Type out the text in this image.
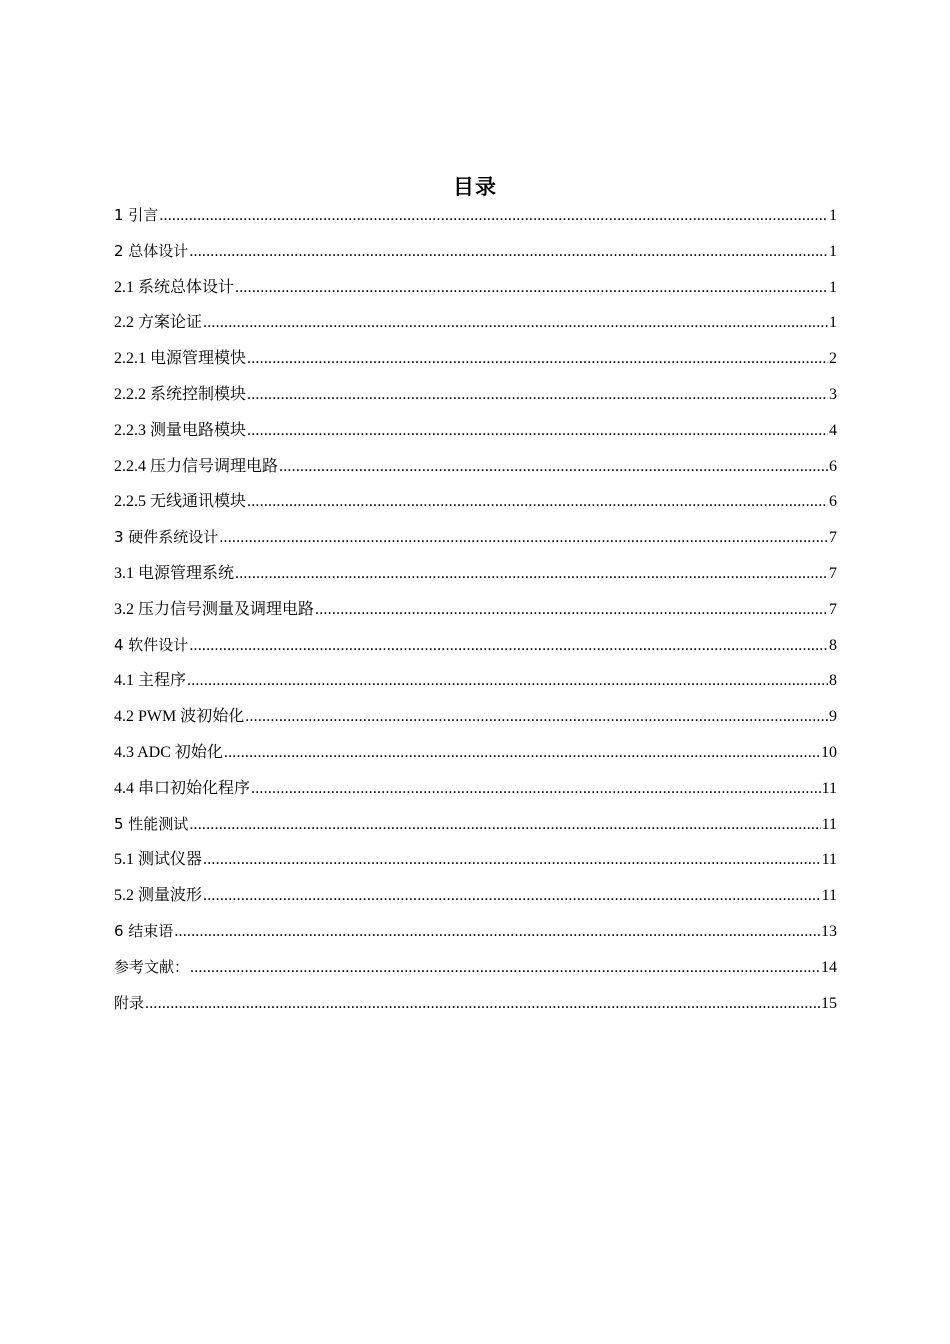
目录
1 引言 .....	1
2 总体设计 .....	1
2.1 系统总体设计 .....	1
2.2 方案论证 .....	1
2.2.1 电源管理模快 .....	2
2.2.2 系统控制模块 .....	3
2.2.3 测量电路模块 .....	4
2.2.4 压力信号调理电路 .....	6
2.2.5 无线通讯模块 .....	6
3 硬件系统设计 .....	7
3.1 电源管理系统 .....	7
3.2 压力信号测量及调理电路 .....	7
4 软件设计 .....	8
4.1 主程序 .....	8
4.2 PWM 波初始化 .....	9
4.3 ADC 初始化 .....	10
4.4 串口初始化程序 .....	11
5 性能测试 .....	11
5.1 测试仪器 .....	11
5.2 测量波形 .....	11
6 结束语 .....	13
参考文献： .....	14
附录 .....	15
